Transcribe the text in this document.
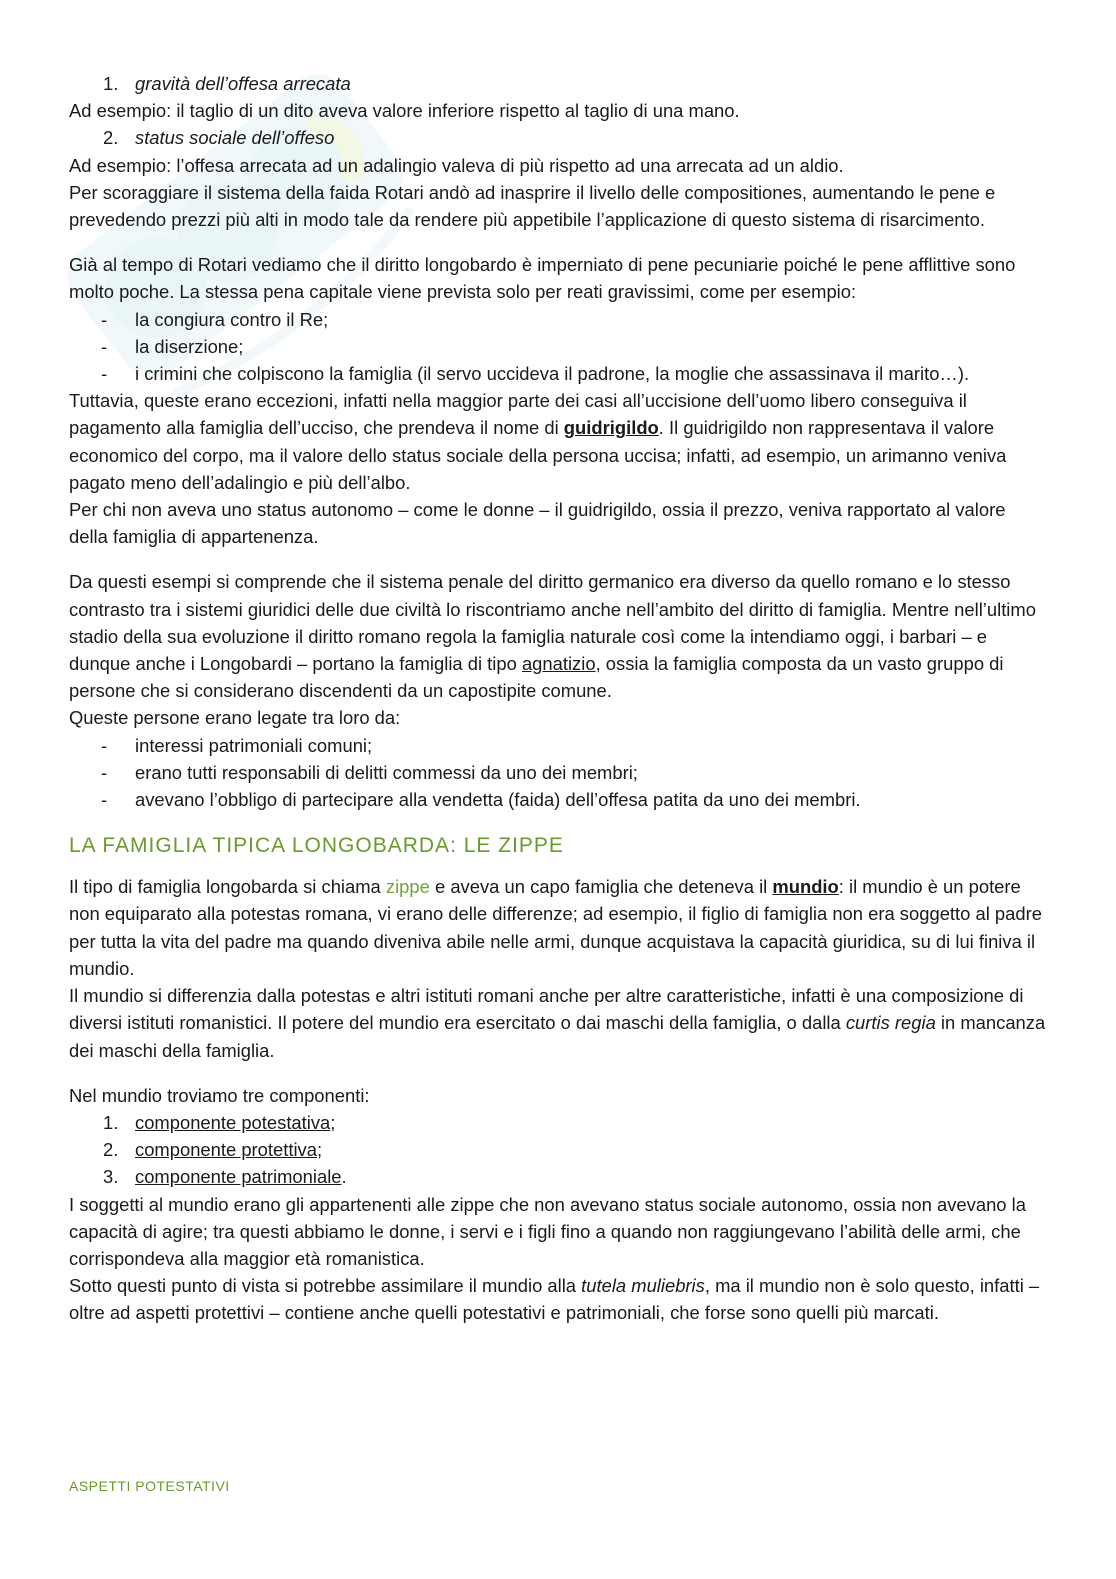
1. gravità dell’offesa arrecata

Ad esempio: il taglio di un dito aveva valore inferiore rispetto al taglio di una mano.

2. status sociale dell’offeso

Ad esempio: l’offesa arrecata ad un adalingio valeva di più rispetto ad una arrecata ad un aldio.

Per scoraggiare il sistema della faida Rotari andò ad inasprire il livello delle compositiones, aumentando le pene e prevedendo prezzi più alti in modo tale da rendere più appetibile l’applicazione di questo sistema di risarcimento.

Già al tempo di Rotari vediamo che il diritto longobardo è imperniato di pene pecuniarie poiché le pene afflittive sono molto poche. La stessa pena capitale viene prevista solo per reati gravissimi, come per esempio:

- la congiura contro il Re;

- la diserzione;

- i crimini che colpiscono la famiglia (il servo uccideva il padrone, la moglie che assassinava il marito…).

Tuttavia, queste erano eccezioni, infatti nella maggior parte dei casi all’uccisione dell’uomo libero conseguiva il pagamento alla famiglia dell’ucciso, che prendeva il nome di guidrigildo. Il guidrigildo non rappresentava il valore economico del corpo, ma il valore dello status sociale della persona uccisa; infatti, ad esempio, un arimanno veniva pagato meno dell’adalingio e più dell’albo.

Per chi non aveva uno status autonomo – come le donne – il guidrigildo, ossia il prezzo, veniva rapportato al valore della famiglia di appartenenza.

Da questi esempi si comprende che il sistema penale del diritto germanico era diverso da quello romano e lo stesso contrasto tra i sistemi giuridici delle due civiltà lo riscontriamo anche nell’ambito del diritto di famiglia. Mentre nell’ultimo stadio della sua evoluzione il diritto romano regola la famiglia naturale così come la intendiamo oggi, i barbari – e dunque anche i Longobardi – portano la famiglia di tipo agnatizio, ossia la famiglia composta da un vasto gruppo di persone che si considerano discendenti da un capostipite comune.

Queste persone erano legate tra loro da:

- interessi patrimoniali comuni;

- erano tutti responsabili di delitti commessi da uno dei membri;

- avevano l’obbligo di partecipare alla vendetta (faida) dell’offesa patita da uno dei membri.

LA FAMIGLIA TIPICA LONGOBARDA: LE ZIPPE

Il tipo di famiglia longobarda si chiama zippe e aveva un capo famiglia che deteneva il mundio: il mundio è un potere non equiparato alla potestas romana, vi erano delle differenze; ad esempio, il figlio di famiglia non era soggetto al padre per tutta la vita del padre ma quando diveniva abile nelle armi, dunque acquistava la capacità giuridica, su di lui finiva il mundio.

Il mundio si differenzia dalla potestas e altri istituti romani anche per altre caratteristiche, infatti è una composizione di diversi istituti romanistici. Il potere del mundio era esercitato o dai maschi della famiglia, o dalla curtis regia in mancanza dei maschi della famiglia.

Nel mundio troviamo tre componenti:

1. componente potestativa;

2. componente protettiva;

3. componente patrimoniale.

I soggetti al mundio erano gli appartenenti alle zippe che non avevano status sociale autonomo, ossia non avevano la capacità di agire; tra questi abbiamo le donne, i servi e i figli fino a quando non raggiungevano l’abilità delle armi, che corrispondeva alla maggior età romanistica.

Sotto questi punto di vista si potrebbe assimilare il mundio alla tutela muliebris, ma il mundio non è solo questo, infatti – oltre ad aspetti protettivi – contiene anche quelli potestativi e patrimoniali, che forse sono quelli più marcati.

ASPETTI POTESTATIVI
